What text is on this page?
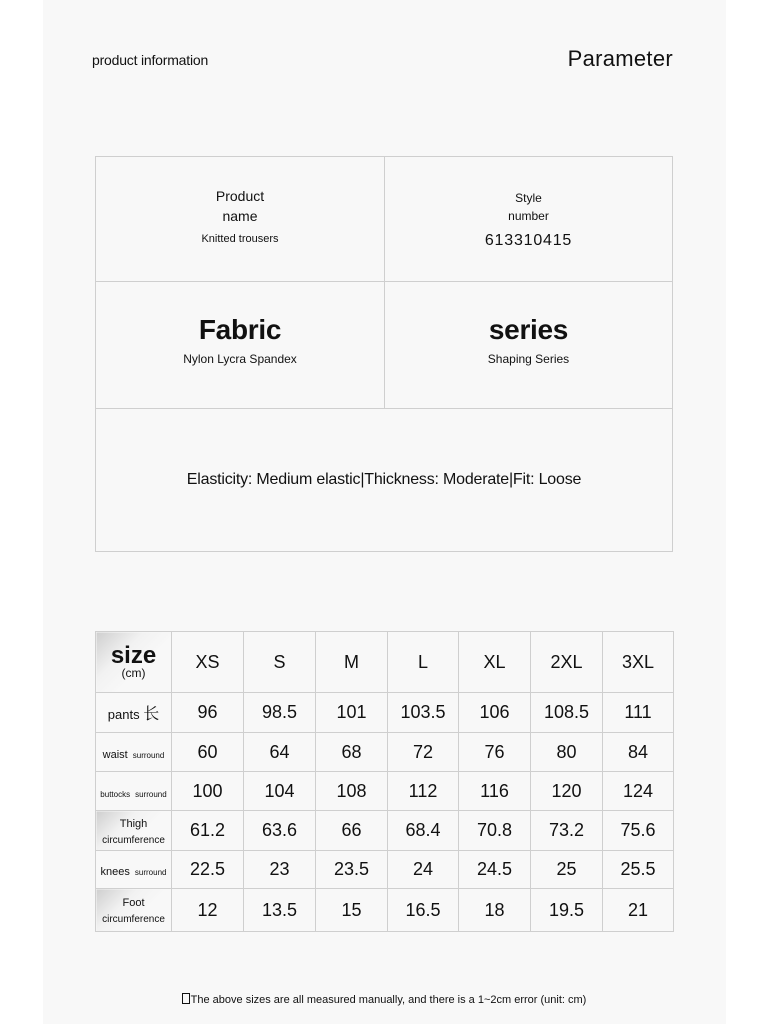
product information	Parameter
Product name
Knitted trousers
Style number
613310415
Fabric
Nylon Lycra Spandex
series
Shaping Series
Elasticity: Medium elastic|Thickness: Moderate|Fit: Loose
size
(cm)	XS	S	M	L	XL	2XL	3XL
pants 长	96	98.5	101	103.5	106	108.5	111
waist surround	60	64	68	72	76	80	84
buttocks surround	100	104	108	112	116	120	124
Thigh
circumference	61.2	63.6	66	68.4	70.8	73.2	75.6
knees surround	22.5	23	23.5	24	24.5	25	25.5
Foot
circumference	12	13.5	15	16.5	18	19.5	21
The above sizes are all measured manually, and there is a 1~2cm error (unit: cm)
